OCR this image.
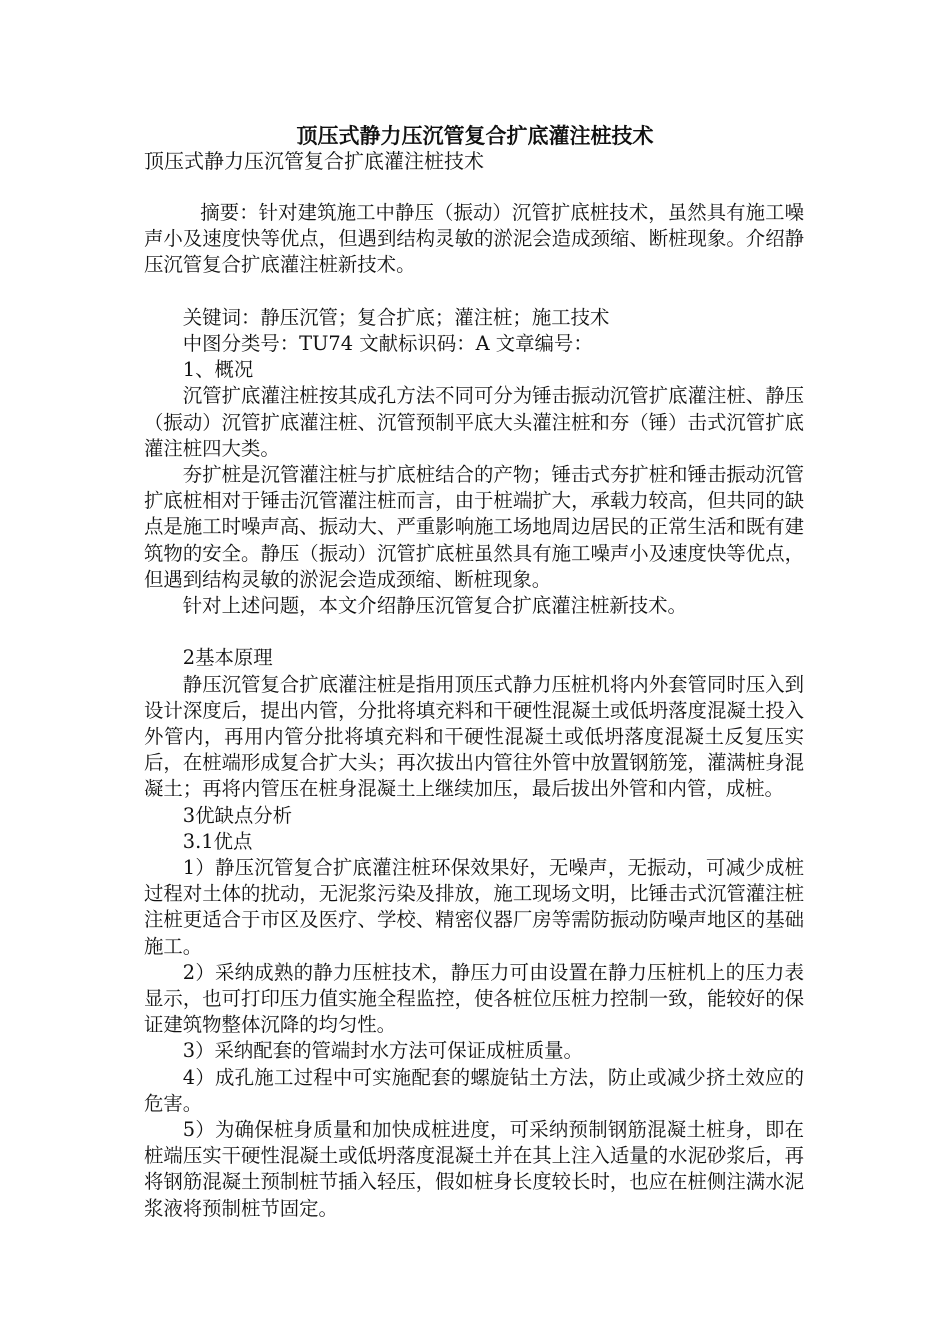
顶压式静力压沉管复合扩底灌注桩技术

顶压式静力压沉管复合扩底灌注桩技术

摘要：针对建筑施工中静压（振动）沉管扩底桩技术，虽然具有施工噪声小及速度快等优点，但遇到结构灵敏的淤泥会造成颈缩、断桩现象。介绍静压沉管复合扩底灌注桩新技术。

关键词：静压沉管；复合扩底；灌注桩；施工技术

中图分类号：TU74 文献标识码：A 文章编号：

1、概况

沉管扩底灌注桩按其成孔方法不同可分为锤击振动沉管扩底灌注桩、静压（振动）沉管扩底灌注桩、沉管预制平底大头灌注桩和夯（锤）击式沉管扩底灌注桩四大类。

夯扩桩是沉管灌注桩与扩底桩结合的产物；锤击式夯扩桩和锤击振动沉管扩底桩相对于锤击沉管灌注桩而言，由于桩端扩大，承载力较高，但共同的缺点是施工时噪声高、振动大、严重影响施工场地周边居民的正常生活和既有建筑物的安全。静压（振动）沉管扩底桩虽然具有施工噪声小及速度快等优点，但遇到结构灵敏的淤泥会造成颈缩、断桩现象。

针对上述问题，本文介绍静压沉管复合扩底灌注桩新技术。

2基本原理

静压沉管复合扩底灌注桩是指用顶压式静力压桩机将内外套管同时压入到设计深度后，提出内管，分批将填充料和干硬性混凝土或低坍落度混凝土投入外管内，再用内管分批将填充料和干硬性混凝土或低坍落度混凝土反复压实后，在桩端形成复合扩大头；再次拔出内管往外管中放置钢筋笼，灌满桩身混凝土；再将内管压在桩身混凝土上继续加压，最后拔出外管和内管，成桩。

3优缺点分析

3.1优点

1）静压沉管复合扩底灌注桩环保效果好，无噪声，无振动，可减少成桩过程对土体的扰动，无泥浆污染及排放，施工现场文明，比锤击式沉管灌注桩注桩更适合于市区及医疗、学校、精密仪器厂房等需防振动防噪声地区的基础施工。

2）采纳成熟的静力压桩技术，静压力可由设置在静力压桩机上的压力表显示，也可打印压力值实施全程监控，使各桩位压桩力控制一致，能较好的保证建筑物整体沉降的均匀性。

3）采纳配套的管端封水方法可保证成桩质量。

4）成孔施工过程中可实施配套的螺旋钻土方法，防止或减少挤土效应的危害。

5）为确保桩身质量和加快成桩进度，可采纳预制钢筋混凝土桩身，即在桩端压实干硬性混凝土或低坍落度混凝土并在其上注入适量的水泥砂浆后，再将钢筋混凝土预制桩节插入轻压，假如桩身长度较长时，也应在桩侧注满水泥浆液将预制桩节固定。
